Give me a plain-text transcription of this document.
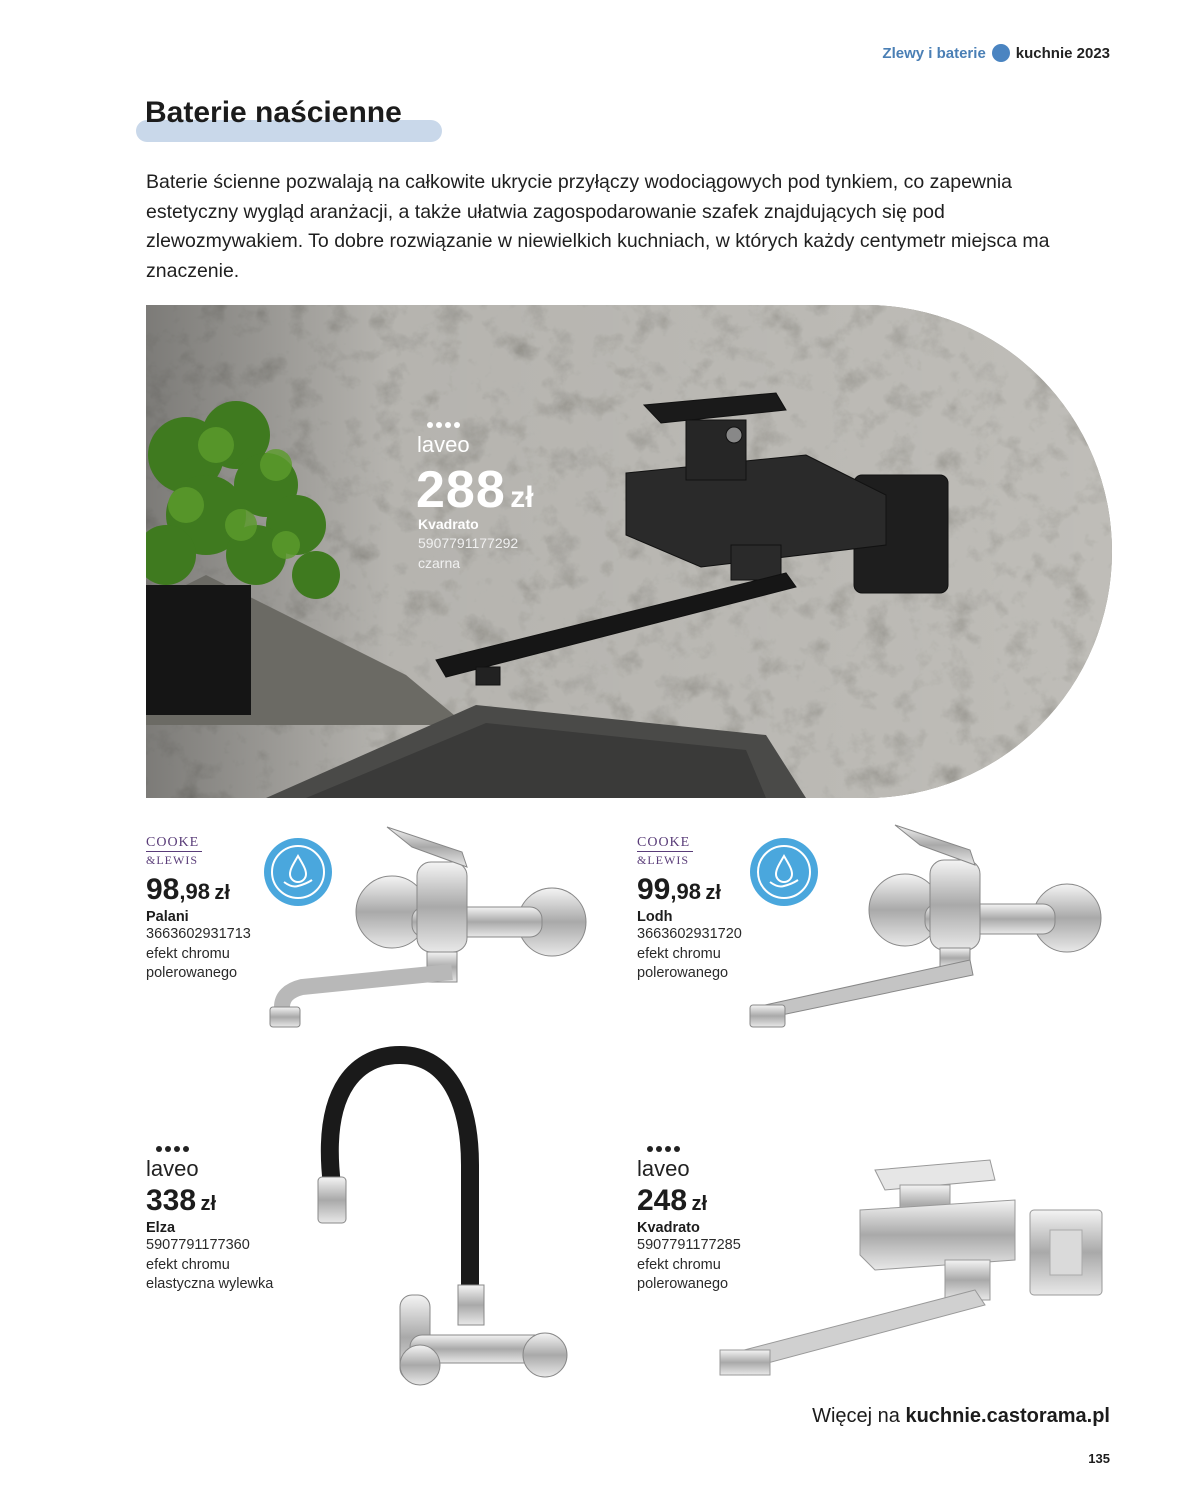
Zlewy i baterie kuchnie 2023
Baterie naścienne

Baterie ścienne pozwalają na całkowite ukrycie przyłączy wodociągowych pod tynkiem, co zapewnia estetyczny wygląd aranżacji, a także ułatwia zagospodarowanie szafek znajdujących się pod zlewozmywakiem. To dobre rozwiązanie w niewielkich kuchniach, w których każdy centymetr miejsca ma znaczenie.

laveo
288 zł
Kvadrato
5907791177292
czarna
COOKE
&LEWIS
98,98 zł
Palani
3663602931713
efekt chromu
polerowanego
COOKE
&LEWIS
99,98 zł
Lodh
3663602931720
efekt chromu
polerowanego
laveo
338 zł
Elza
5907791177360
efekt chromu
elastyczna wylewka
laveo
248 zł
Kvadrato
5907791177285
efekt chromu
polerowanego
Więcej na kuchnie.castorama.pl
135
